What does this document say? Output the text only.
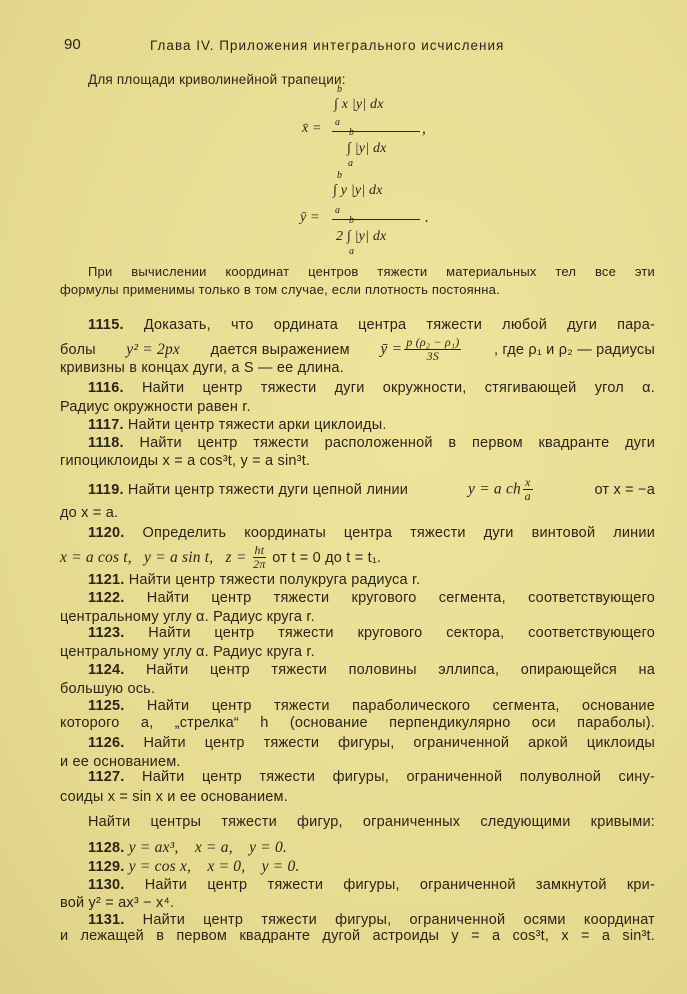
90	Глава IV. Приложения интегрального исчисления
Для площади криволинейной трапеции:
b
∫ x |y| dx
x̄ = a
b	,
∫ |y| dx
a
b
∫ y |y| dx
ȳ = a
b	.
2 ∫ |y| dx
a
При вычислении координат центров тяжести материальных тел все эти
формулы применимы только в том случае, если плотность постоянна.
1115. Доказать, что ордината центра тяжести любой дуги пара-
болы y² = 2px дается выражением ȳ = $\frac{\text{p (ρ₂ − ρ₁)}}{3S}$ , где ρ₁ и ρ₂ — радиусы
кривизны в концах дуги, а S — ее длина.
1116. Найти центр тяжести дуги окружности, стягивающей угол α.
Радиус окружности равен r.
1117. Найти центр тяжести арки циклоиды.
1118. Найти центр тяжести расположенной в первом квадранте дуги
гипоциклоиды x = a cos³t, y = a sin³t.
1119. Найти центр тяжести дуги цепной линии	y = a ch $\frac{x}{a}$	от x = −a
до x = a.
1120. Определить координаты центра тяжести дуги винтовой линии
x = a cos t,   y = a sin t,   $z = \frac{ht}{2\pi}$ от t = 0 до t = t₁.
1121. Найти центр тяжести полукруга радиуса r.
1122. Найти центр тяжести кругового сегмента, соответствующего
центральному углу α. Радиус круга r.
1123. Найти центр тяжести кругового сектора, соответствующего
центральному углу α. Радиус круга r.
1124. Найти центр тяжести половины эллипса, опирающейся на
большую ось.
1125. Найти центр тяжести параболического сегмента, основание
которого a, „стрелка“ h (основание перпендикулярно оси параболы).
1126. Найти центр тяжести фигуры, ограниченной аркой циклоиды
и ее основанием.
1127. Найти центр тяжести фигуры, ограниченной полуволной сину-
соиды x = sin x и ее основанием.
Найти центры тяжести фигур, ограниченных следующими кривыми:
1128. y = ax³,    x = a,    y = 0.
1129. y = cos x,    x = 0,    y = 0.
1130. Найти центр тяжести фигуры, ограниченной замкнутой кри-
вой y² = ax³ − x⁴.
1131. Найти центр тяжести фигуры, ограниченной осями координат
и лежащей в первом квадранте дугой астроиды y = a cos³t, x = a sin³t.
